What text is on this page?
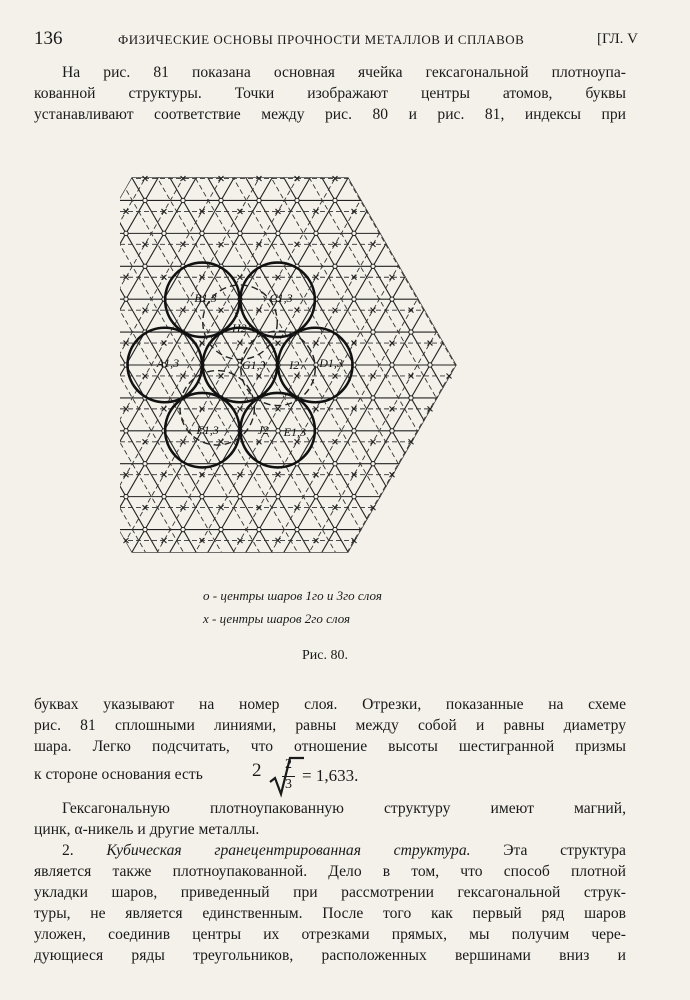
136	ФИЗИЧЕСКИЕ ОСНОВЫ ПРОЧНОСТИ МЕТАЛЛОВ И СПЛАВОВ	[ГЛ. V
На рис. 81 показана основная ячейка гексагональной плотноупа-
кованной структуры. Точки изображают центры атомов, буквы
устанавливают соответствие между рис. 80 и рис. 81, индексы при
B1,3	C1,3
H2
A1,3	G1,3 I2 D1,3
F1,3	J2 E1,3
о - центры шаров 1го и 3го слоя
х - центры шаров 2го слоя
Рис. 80.
буквах указывают на номер слоя. Отрезки, показанные на схеме
рис. 81 сплошными линиями, равны между собой и равны диаметру
шара. Легко подсчитать, что отношение высоты шестигранной призмы
к стороне основания есть	2 2
3 = 1,633.
Гексагональную плотноупакованную структуру имеют магний,
цинк, α-никель и другие металлы.
2. Кубическая гранецентрированная структура. Эта структура
является также плотноупакованной. Дело в том, что способ плотной
укладки шаров, приведенный при рассмотрении гексагональной струк-
туры, не является единственным. После того как первый ряд шаров
уложен, соединив центры их отрезками прямых, мы получим чере-
дующиеся ряды треугольников, расположенных вершинами вниз и
